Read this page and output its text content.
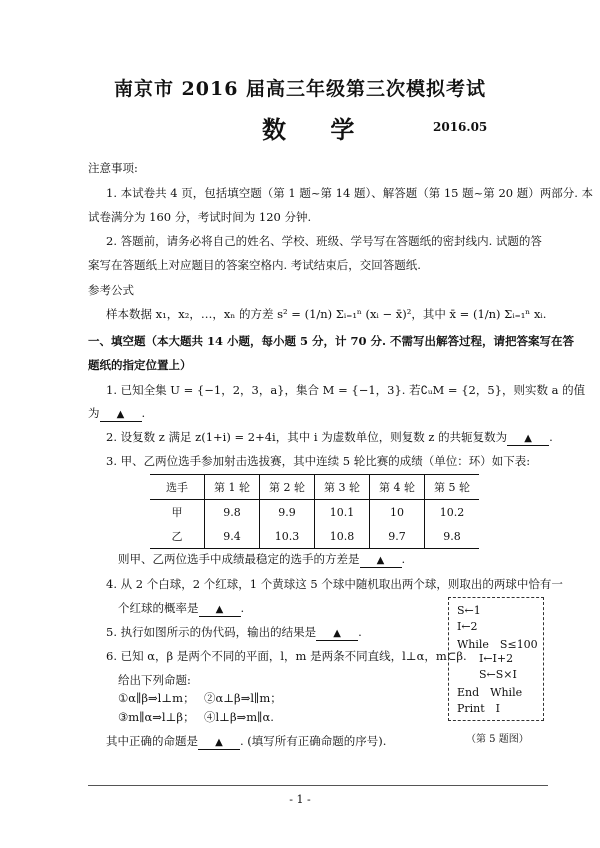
南京市 2016 届高三年级第三次模拟考试
数 学	2016.05
注意事项:
1. 本试卷共 4 页，包括填空题（第 1 题~第 14 题）、解答题（第 15 题~第 20 题）两部分. 本
试卷满分为 160 分，考试时间为 120 分钟.
2. 答题前，请务必将自己的姓名、学校、班级、学号写在答题纸的密封线内. 试题的答
案写在答题纸上对应题目的答案空格内. 考试结束后，交回答题纸.
参考公式
样本数据 x₁，x₂，…，xₙ 的方差 s² = (1/n) Σᵢ₌₁ⁿ (xᵢ − x̄)²，其中 x̄ = (1/n) Σᵢ₌₁ⁿ xᵢ.
一、填空题（本大题共 14 小题，每小题 5 分，计 70 分. 不需写出解答过程，请把答案写在答
题纸的指定位置上）
1. 已知全集 U = {−1，2，3，a}，集合 M = {−1，3}. 若∁ᵤM = {2，5}，则实数 a 的值
为 ▲ .
2. 设复数 z 满足 z(1+i) = 2+4i，其中 i 为虚数单位，则复数 z 的共轭复数为 ▲ .
3. 甲、乙两位选手参加射击选拔赛，其中连续 5 轮比赛的成绩（单位：环）如下表:
选手	第 1 轮	第 2 轮	第 3 轮	第 4 轮	第 5 轮
甲	9.8	9.9	10.1	10	10.2
乙	9.4	10.3	10.8	9.7	9.8
则甲、乙两位选手中成绩最稳定的选手的方差是 ▲ .
4. 从 2 个白球，2 个红球，1 个黄球这 5 个球中随机取出两个球，则取出的两球中恰有一
个红球的概率是 ▲ .
5. 执行如图所示的伪代码，输出的结果是 ▲ .
6. 已知 α，β 是两个不同的平面，l，m 是两条不同直线，l⊥α，m⊂β.
给出下列命题:
①α∥β⇒l⊥m；　 ②α⊥β⇒l∥m；
③m∥α⇒l⊥β；　 ④l⊥β⇒m∥α.
其中正确的命题是 ▲ . (填写所有正确命题的序号).
S←1
I←2
While　S≤100
I←I+2
S←S×I
End　While
Print　I
（第 5 题图）
- 1 -
